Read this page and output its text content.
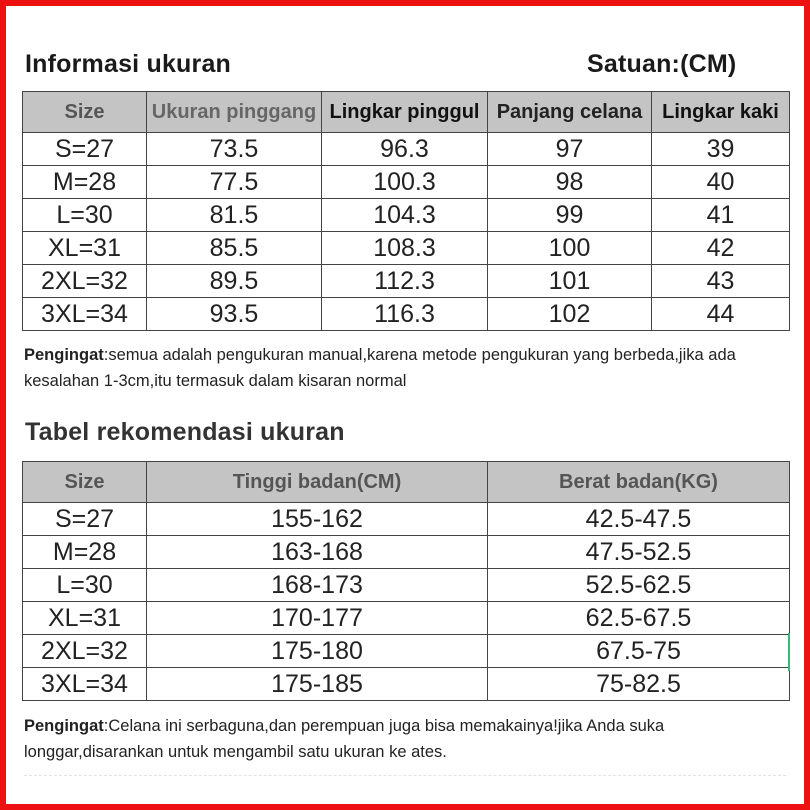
Informasi ukuran	Satuan:(CM)
Size	Ukuran pinggang	Lingkar pinggul	Panjang celana	Lingkar kaki
S=27	73.5	96.3	97	39
M=28	77.5	100.3	98	40
L=30	81.5	104.3	99	41
XL=31	85.5	108.3	100	42
2XL=32	89.5	112.3	101	43
3XL=34	93.5	116.3	102	44
Pengingat:semua adalah pengukuran manual,karena metode pengukuran yang berbeda,jika ada kesalahan 1-3cm,itu termasuk dalam kisaran normal
Tabel rekomendasi ukuran
Size	Tinggi badan(CM)	Berat badan(KG)
S=27	155-162	42.5-47.5
M=28	163-168	47.5-52.5
L=30	168-173	52.5-62.5
XL=31	170-177	62.5-67.5
2XL=32	175-180	67.5-75
3XL=34	175-185	75-82.5
Pengingat:Celana ini serbaguna,dan perempuan juga bisa memakainya!jika Anda suka longgar,disarankan untuk mengambil satu ukuran ke ates.
